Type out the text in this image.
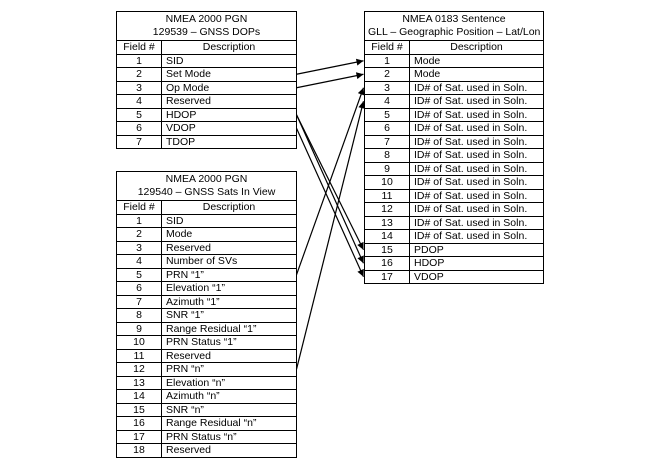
NMEA 2000 PGN
129539 – GNSS DOPs	

Field #	Description
1	SID
2	Set Mode
3	Op Mode
4	Reserved
5	HDOP
6	VDOP
7	TDOP
NMEA 2000 PGN
129540 – GNSS Sats In View	

Field #	Description
1	SID
2	Mode
3	Reserved
4	Number of SVs
5	PRN “1”
6	Elevation “1”
7	Azimuth “1”
8	SNR “1”
9	Range Residual “1”
10	PRN Status “1”
11	Reserved
12	PRN “n”
13	Elevation “n”
14	Azimuth “n”
15	SNR “n”
16	Range Residual “n”
17	PRN Status “n”
18	Reserved
NMEA 0183 Sentence
GLL – Geographic Position – Lat/Lon	

Field #	Description
1	Mode
2	Mode
3	ID# of Sat. used in Soln.
4	ID# of Sat. used in Soln.
5	ID# of Sat. used in Soln.
6	ID# of Sat. used in Soln.
7	ID# of Sat. used in Soln.
8	ID# of Sat. used in Soln.
9	ID# of Sat. used in Soln.
10	ID# of Sat. used in Soln.
11	ID# of Sat. used in Soln.
12	ID# of Sat. used in Soln.
13	ID# of Sat. used in Soln.
14	ID# of Sat. used in Soln.
15	PDOP
16	HDOP
17	VDOP
